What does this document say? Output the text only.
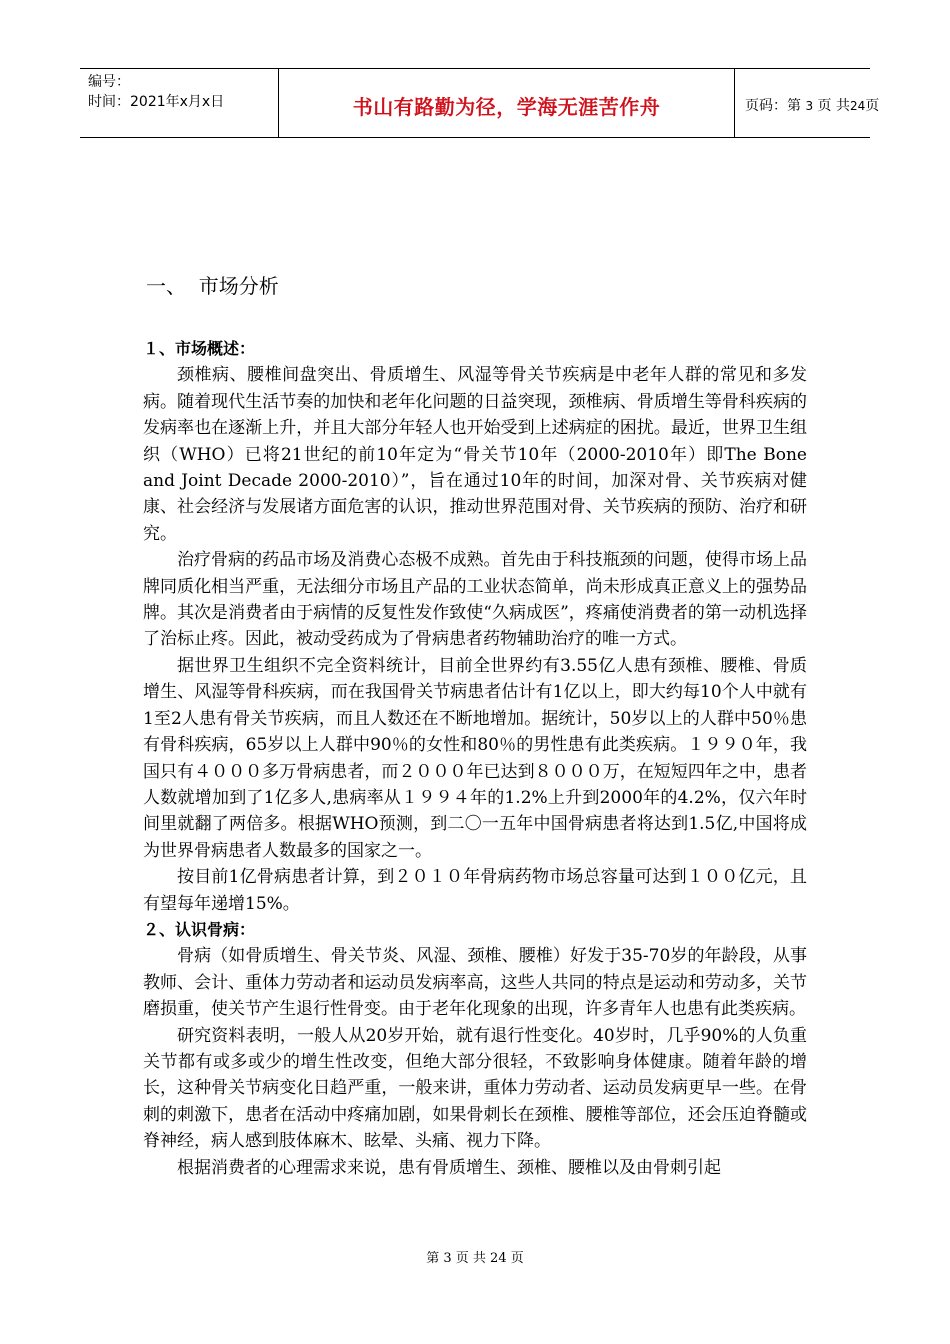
编号：
时间：2021年x月x日	书山有路勤为径，学海无涯苦作舟	页码：第 3 页 共24页
一、  市场分析
１、市场概述：

颈椎病、腰椎间盘突出、骨质增生、风湿等骨关节疾病是中老年人群的常见和多发病。随着现代生活节奏的加快和老年化问题的日益突现，颈椎病、骨质增生等骨科疾病的发病率也在逐渐上升，并且大部分年轻人也开始受到上述病症的困扰。最近，世界卫生组织（WHO）已将21世纪的前10年定为“骨关节10年（2000-2010年）即The Bone and Joint Decade 2000-2010）”，旨在通过10年的时间，加深对骨、关节疾病对健康、社会经济与发展诸方面危害的认识，推动世界范围对骨、关节疾病的预防、治疗和研究。

治疗骨病的药品市场及消费心态极不成熟。首先由于科技瓶颈的问题，使得市场上品牌同质化相当严重，无法细分市场且产品的工业状态简单，尚未形成真正意义上的强势品牌。其次是消费者由于病情的反复性发作致使“久病成医”，疼痛使消费者的第一动机选择了治标止疼。因此，被动受药成为了骨病患者药物辅助治疗的唯一方式。

据世界卫生组织不完全资料统计，目前全世界约有3.55亿人患有颈椎、腰椎、骨质增生、风湿等骨科疾病，而在我国骨关节病患者估计有1亿以上，即大约每10个人中就有1至2人患有骨关节疾病，而且人数还在不断地增加。据统计，50岁以上的人群中50％患有骨科疾病，65岁以上人群中90％的女性和80％的男性患有此类疾病。１９９０年，我国只有４０００多万骨病患者，而２０００年已达到８０００万，在短短四年之中，患者人数就增加到了1亿多人,患病率从１９９４年的1.2%上升到2000年的4.2%，仅六年时间里就翻了两倍多。根据WHO预测，到二〇一五年中国骨病患者将达到1.5亿,中国将成为世界骨病患者人数最多的国家之一。

按目前1亿骨病患者计算，到２０１０年骨病药物市场总容量可达到１００亿元，且有望每年递增15%。

２、认识骨病：

骨病（如骨质增生、骨关节炎、风湿、颈椎、腰椎）好发于35-70岁的年龄段，从事教师、会计、重体力劳动者和运动员发病率高，这些人共同的特点是运动和劳动多，关节磨损重，使关节产生退行性骨变。由于老年化现象的出现，许多青年人也患有此类疾病。

研究资料表明，一般人从20岁开始，就有退行性变化。40岁时，几乎90%的人负重关节都有或多或少的增生性改变，但绝大部分很轻，不致影响身体健康。随着年龄的增长，这种骨关节病变化日趋严重，一般来讲，重体力劳动者、运动员发病更早一些。在骨刺的刺激下，患者在活动中疼痛加剧，如果骨刺长在颈椎、腰椎等部位，还会压迫脊髓或脊神经，病人感到肢体麻木、眩晕、头痛、视力下降。

根据消费者的心理需求来说，患有骨质增生、颈椎、腰椎以及由骨刺引起

第 3 页 共 24 页
